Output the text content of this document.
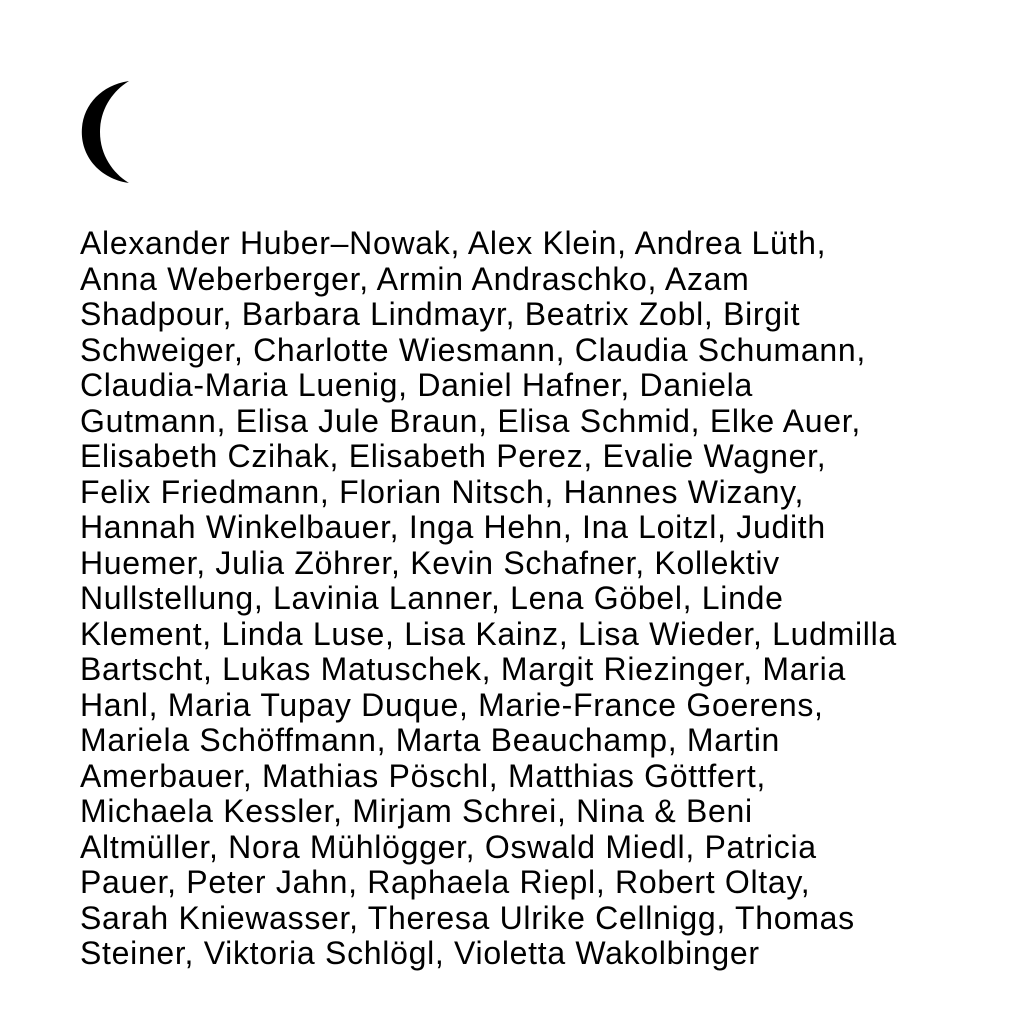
Alexander Huber–Nowak, Alex Klein, Andrea Lüth,
Anna Weberberger, Armin Andraschko, Azam
Shadpour, Barbara Lindmayr, Beatrix Zobl, Birgit
Schweiger, Charlotte Wiesmann, Claudia Schumann,
Claudia-Maria Luenig, Daniel Hafner, Daniela
Gutmann, Elisa Jule Braun, Elisa Schmid, Elke Auer,
Elisabeth Czihak, Elisabeth Perez, Evalie Wagner,
Felix Friedmann, Florian Nitsch, Hannes Wizany,
Hannah Winkelbauer, Inga Hehn, Ina Loitzl, Judith
Huemer, Julia Zöhrer, Kevin Schafner, Kollektiv
Nullstellung, Lavinia Lanner, Lena Göbel, Linde
Klement, Linda Luse, Lisa Kainz, Lisa Wieder, Ludmilla
Bartscht, Lukas Matuschek, Margit Riezinger, Maria
Hanl, Maria Tupay Duque, Marie-France Goerens,
Mariela Schöffmann, Marta Beauchamp, Martin
Amerbauer, Mathias Pöschl, Matthias Göttfert,
Michaela Kessler, Mirjam Schrei, Nina & Beni
Altmüller, Nora Mühlögger, Oswald Miedl, Patricia
Pauer, Peter Jahn, Raphaela Riepl, Robert Oltay,
Sarah Kniewasser, Theresa Ulrike Cellnigg, Thomas
Steiner, Viktoria Schlögl, Violetta Wakolbinger
